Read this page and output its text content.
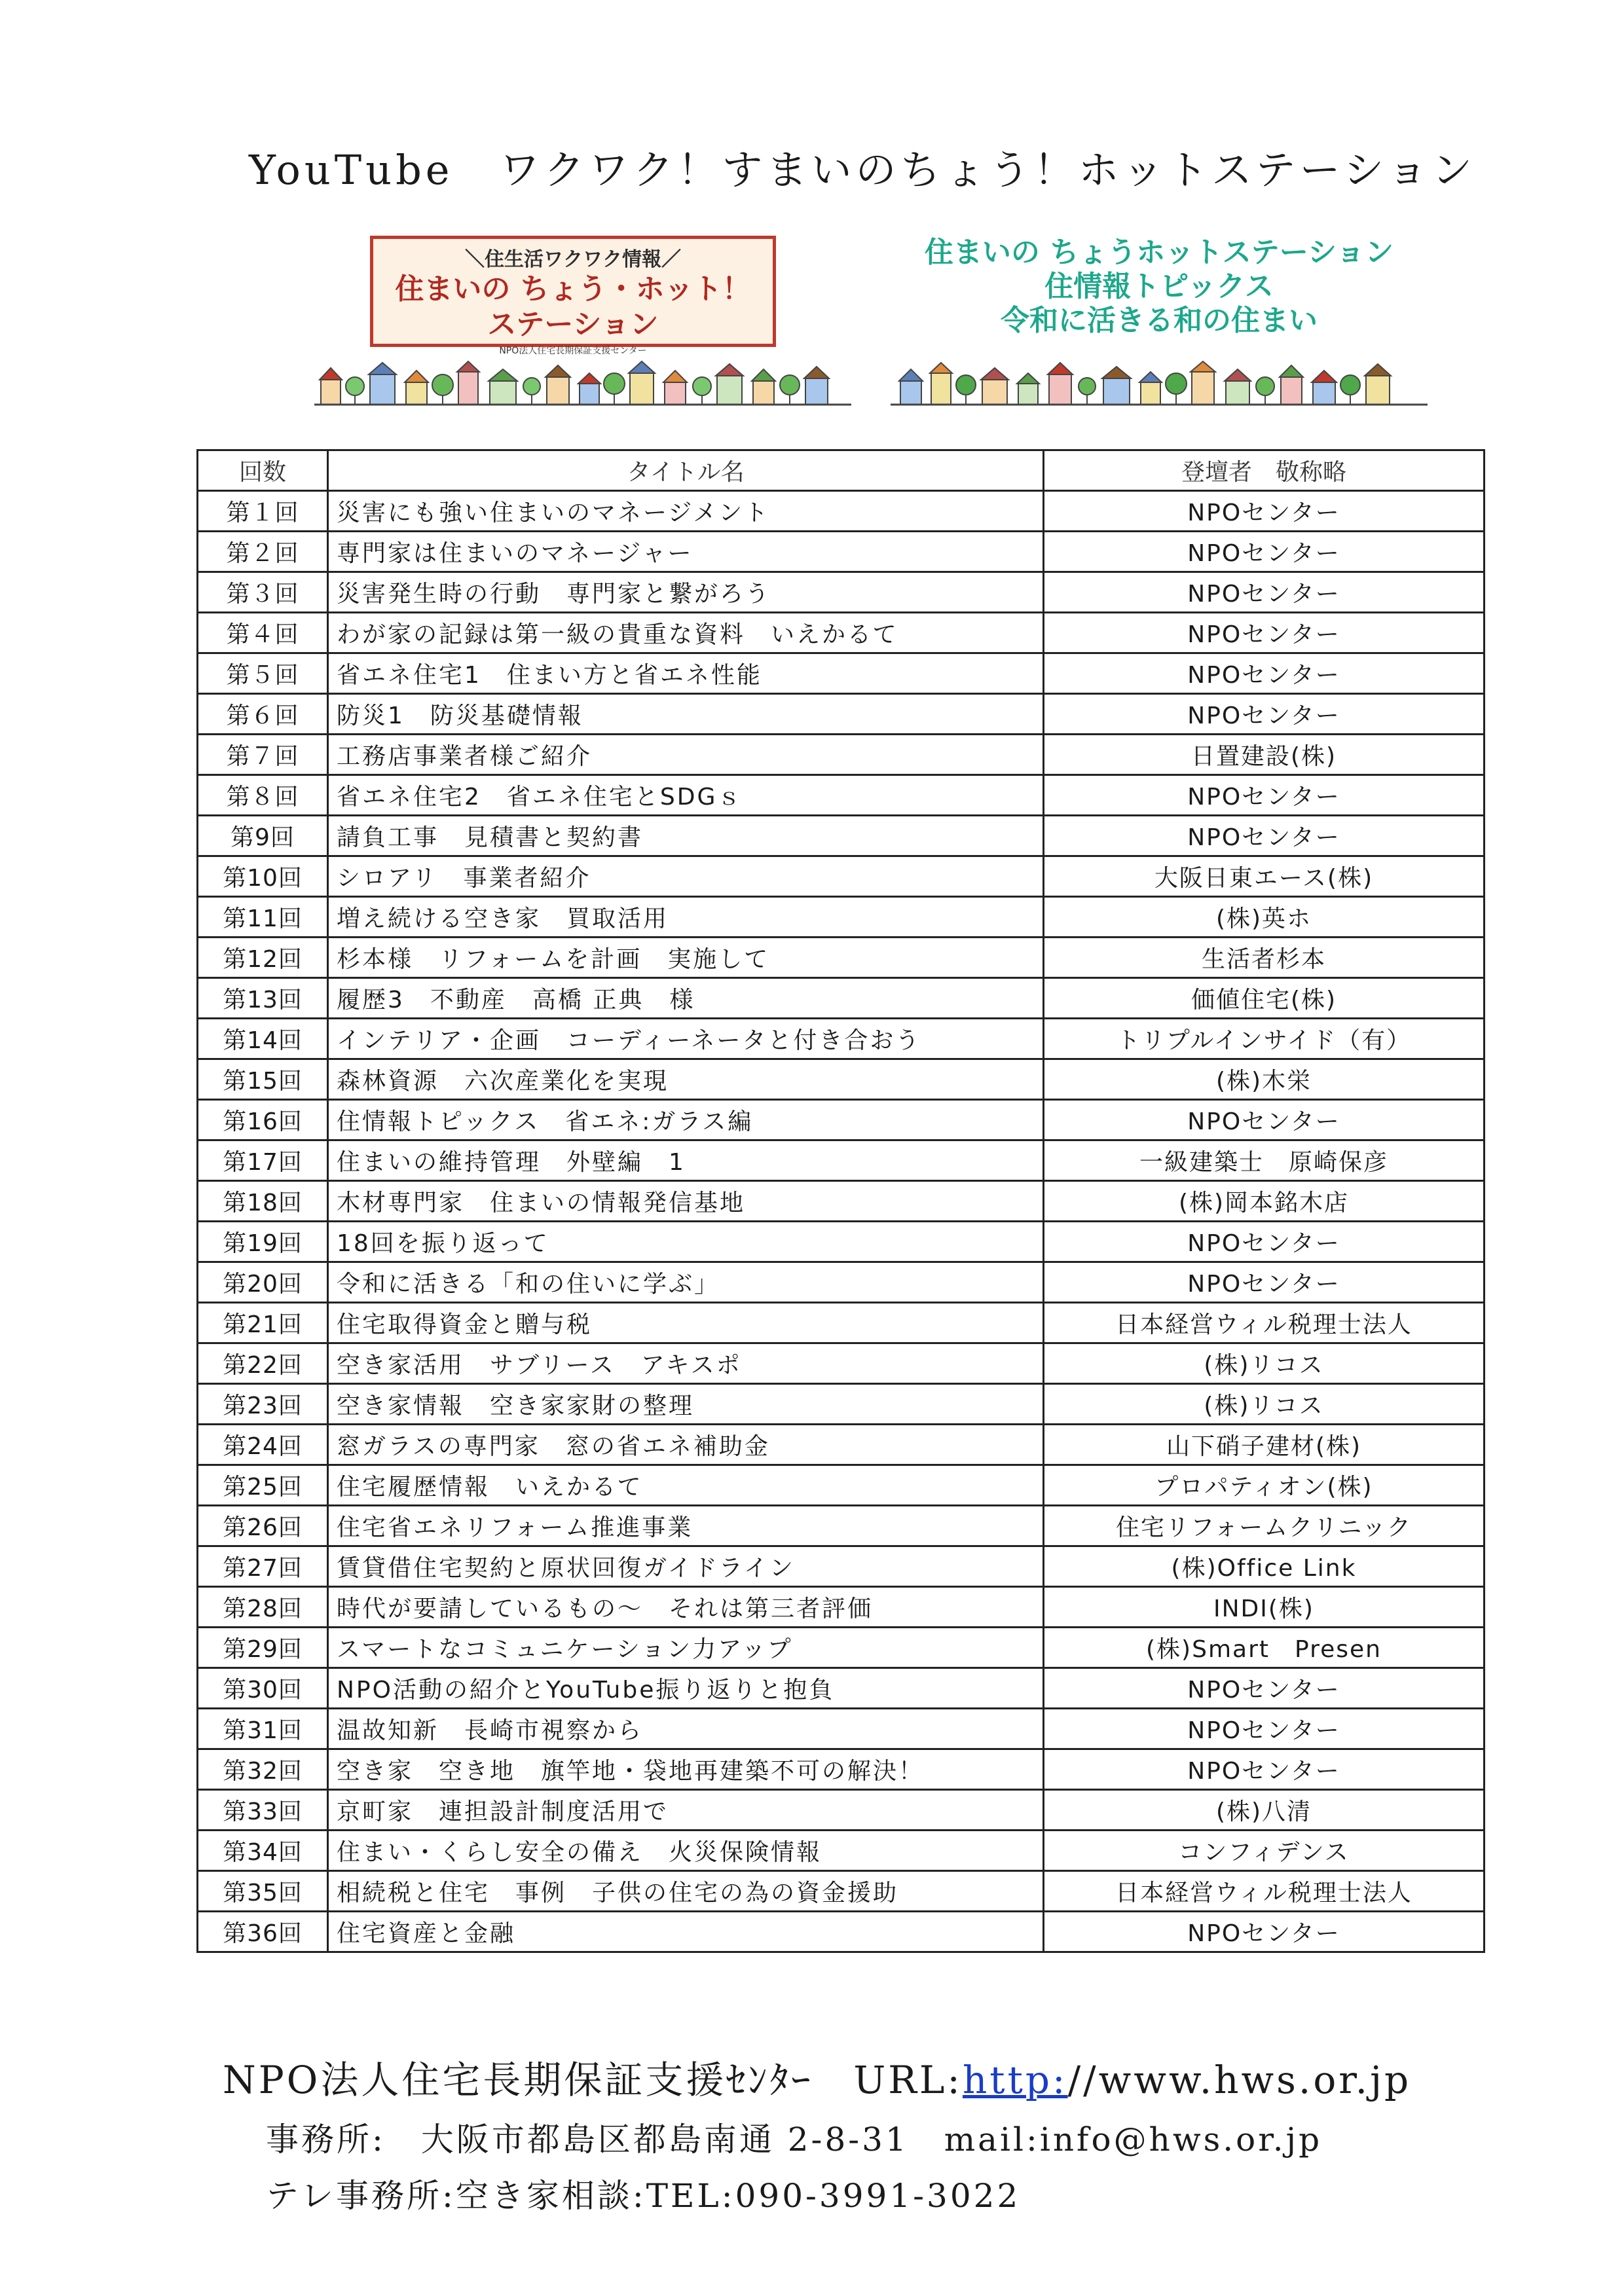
YouTube ワクワク！すまいのちょう！ホットステーション
＼住生活ワクワク情報／
住まいの ちょう・ホット！
ステーション
NPO法人住宅長期保証支援センター
住まいの ちょうホットステーション
住情報トピックス
令和に活きる和の住まい
回数	タイトル名	登壇者　敬称略
第１回	災害にも強い住まいのマネージメント	NPOセンター
第２回	専門家は住まいのマネージャー	NPOセンター
第３回	災害発生時の行動　専門家と繋がろう	NPOセンター
第４回	わが家の記録は第一級の貴重な資料　いえかるて	NPOセンター
第５回	省エネ住宅1　住まい方と省エネ性能	NPOセンター
第６回	防災1　防災基礎情報	NPOセンター
第７回	工務店事業者様ご紹介	日置建設(株)
第８回	省エネ住宅2　省エネ住宅とSDGｓ	NPOセンター
第9回	請負工事　見積書と契約書	NPOセンター
第10回	シロアリ　事業者紹介	大阪日東エース(株)
第11回	増え続ける空き家　買取活用	(株)英ホ
第12回	杉本様　リフォームを計画　実施して	生活者杉本
第13回	履歴3　不動産　高橋 正典　様	価値住宅(株)
第14回	インテリア・企画　コーディーネータと付き合おう	トリプルインサイド（有）
第15回	森林資源　六次産業化を実現	(株)木栄
第16回	住情報トピックス　省エネ:ガラス編	NPOセンター
第17回	住まいの維持管理　外壁編　1	一級建築士　原崎保彦
第18回	木材専門家　住まいの情報発信基地	(株)岡本銘木店
第19回	18回を振り返って	NPOセンター
第20回	令和に活きる「和の住いに学ぶ」	NPOセンター
第21回	住宅取得資金と贈与税	日本経営ウィル税理士法人
第22回	空き家活用　サブリース　アキスポ	(株)リコス
第23回	空き家情報　空き家家財の整理	(株)リコス
第24回	窓ガラスの専門家　窓の省エネ補助金	山下硝子建材(株)
第25回	住宅履歴情報　いえかるて	プロパティオン(株)
第26回	住宅省エネリフォーム推進事業	住宅リフォームクリニック
第27回	賃貸借住宅契約と原状回復ガイドライン	(株)Office Link
第28回	時代が要請しているもの～　それは第三者評価	INDI(株)
第29回	スマートなコミュニケーション力アップ	(株)Smart　Presen
第30回	NPO活動の紹介とYouTube振り返りと抱負	NPOセンター
第31回	温故知新　長崎市視察から	NPOセンター
第32回	空き家　空き地　旗竿地・袋地再建築不可の解決！	NPOセンター
第33回	京町家　連担設計制度活用で	(株)八清
第34回	住まい・くらし安全の備え　火災保険情報	コンフィデンス
第35回	相続税と住宅　事例　子供の住宅の為の資金援助	日本経営ウィル税理士法人
第36回	住宅資産と金融	NPOセンター
NPO法人住宅長期保証支援ｾﾝﾀｰ　 URL:http://www.hws.or.jp
事務所:　大阪市都島区都島南通 2-8-31　mail:info@hws.or.jp
テレ事務所:空き家相談:TEL:090-3991-3022
